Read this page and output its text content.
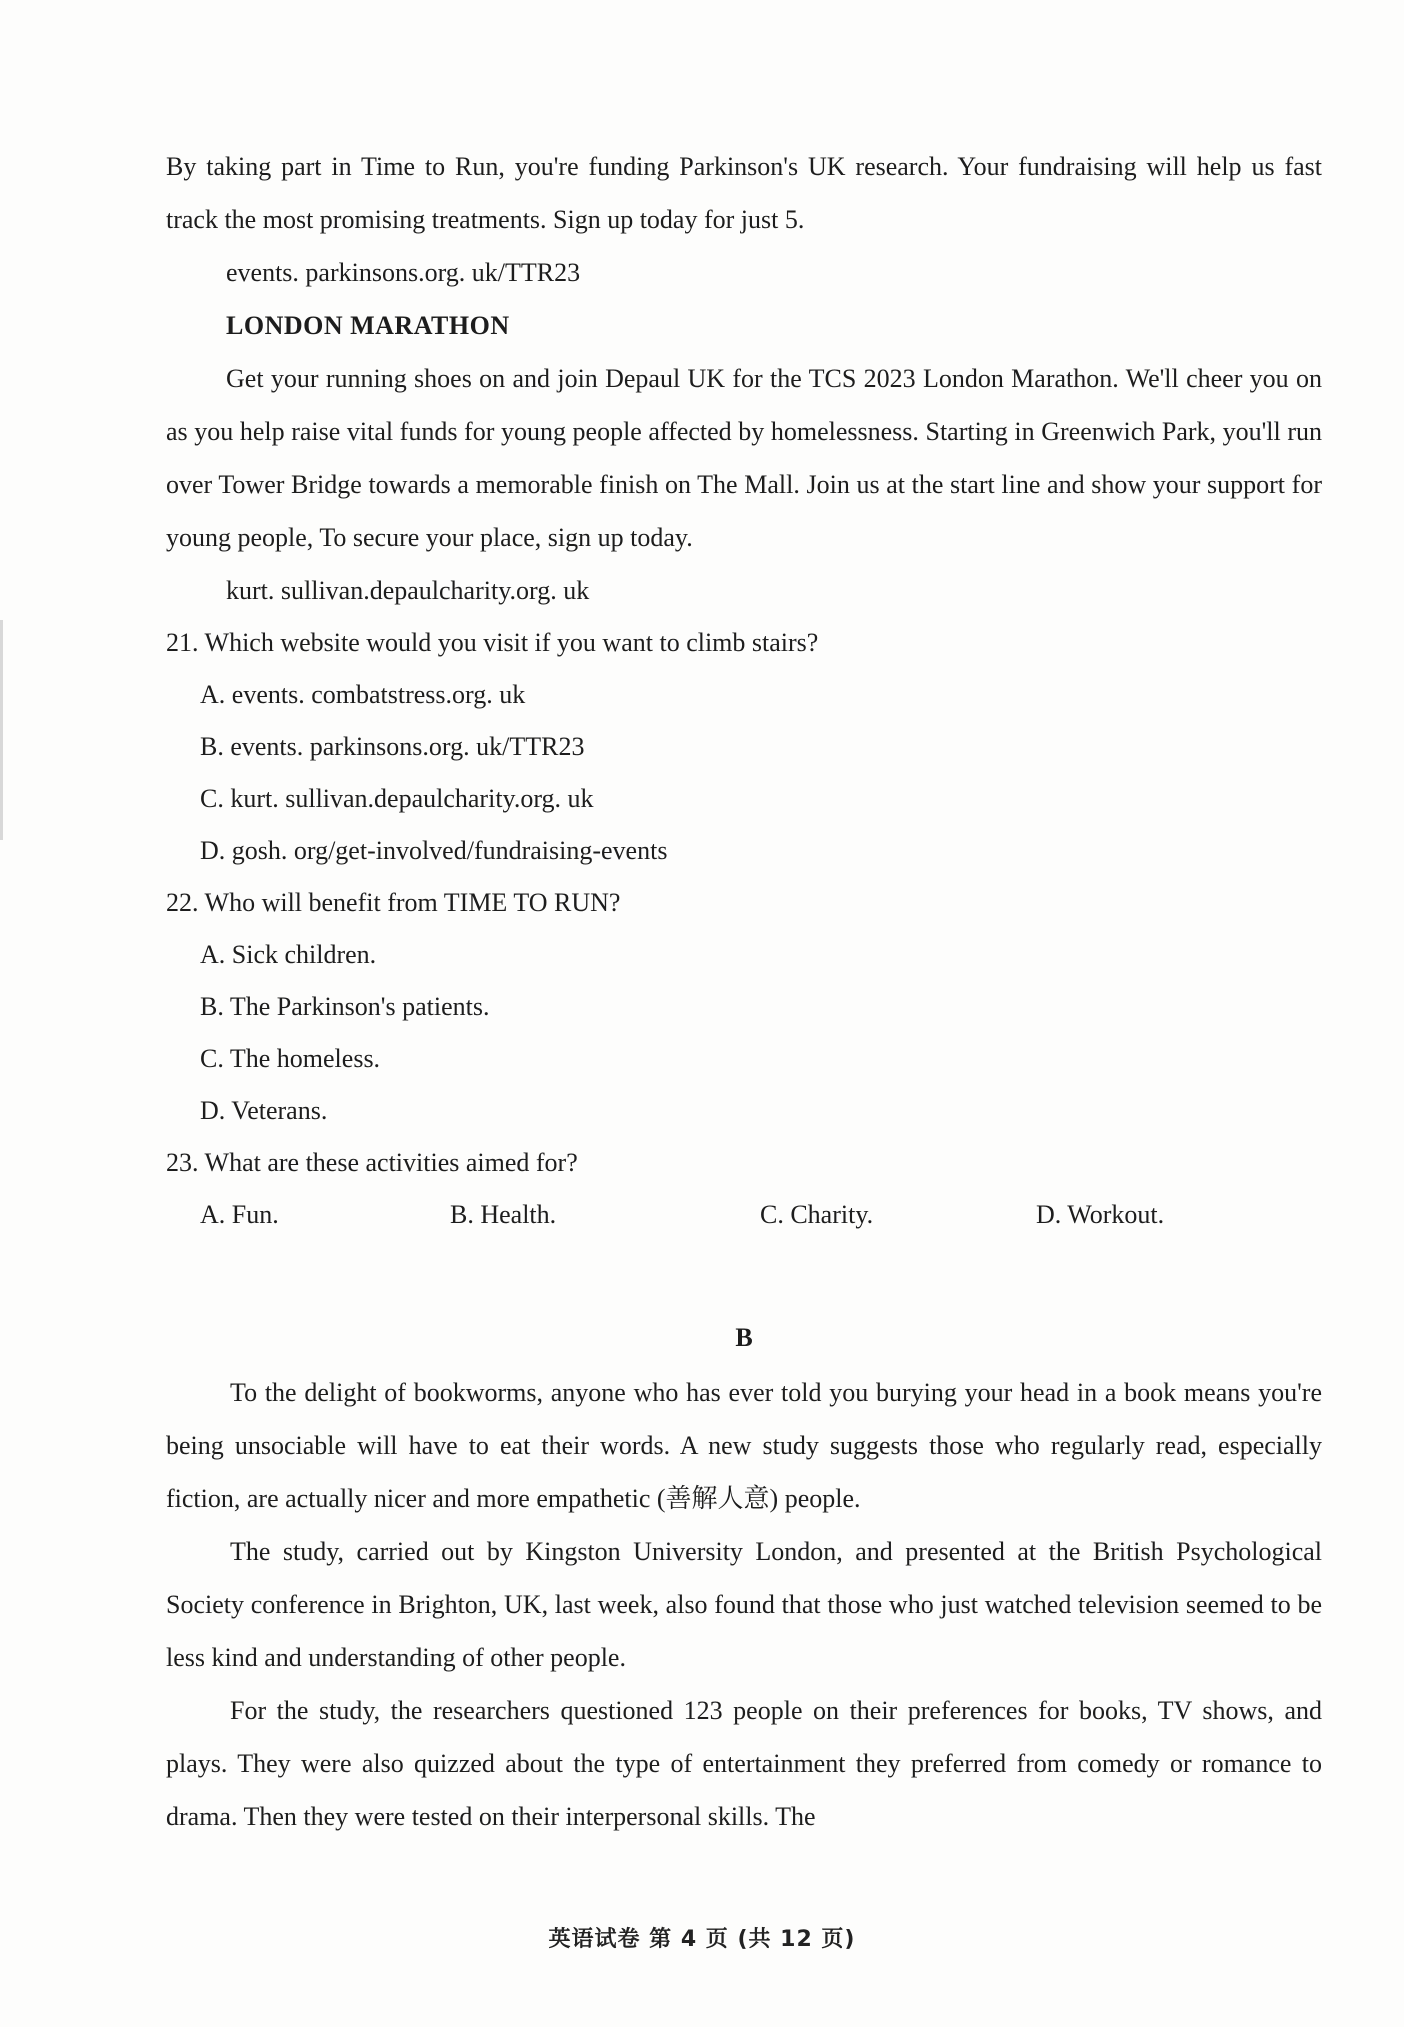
By taking part in Time to Run, you're funding Parkinson's UK research. Your fundraising will help us fast track the most promising treatments. Sign up today for just 5.

events. parkinsons.org. uk/TTR23

LONDON MARATHON

Get your running shoes on and join Depaul UK for the TCS 2023 London Marathon. We'll cheer you on as you help raise vital funds for young people affected by homelessness. Starting in Greenwich Park, you'll run over Tower Bridge towards a memorable finish on The Mall. Join us at the start line and show your support for young people, To secure your place, sign up today.

kurt. sullivan.depaulcharity.org. uk

21. Which website would you visit if you want to climb stairs?

A. events. combatstress.org. uk

B. events. parkinsons.org. uk/TTR23

C. kurt. sullivan.depaulcharity.org. uk

D. gosh. org/get-involved/fundraising-events

22. Who will benefit from TIME TO RUN?

A. Sick children.

B. The Parkinson's patients.

C. The homeless.

D. Veterans.

23. What are these activities aimed for?

A. Fun.	B. Health.	C. Charity.	D. Workout.

B

To the delight of bookworms, anyone who has ever told you burying your head in a book means you're being unsociable will have to eat their words. A new study suggests those who regularly read, especially fiction, are actually nicer and more empathetic (善解人意) people.

The study, carried out by Kingston University London, and presented at the British Psychological Society conference in Brighton, UK, last week, also found that those who just watched television seemed to be less kind and understanding of other people.

For the study, the researchers questioned 123 people on their preferences for books, TV shows, and plays. They were also quizzed about the type of entertainment they preferred from comedy or romance to drama. Then they were tested on their interpersonal skills. The

英语试卷 第 4 页 (共 12 页)
